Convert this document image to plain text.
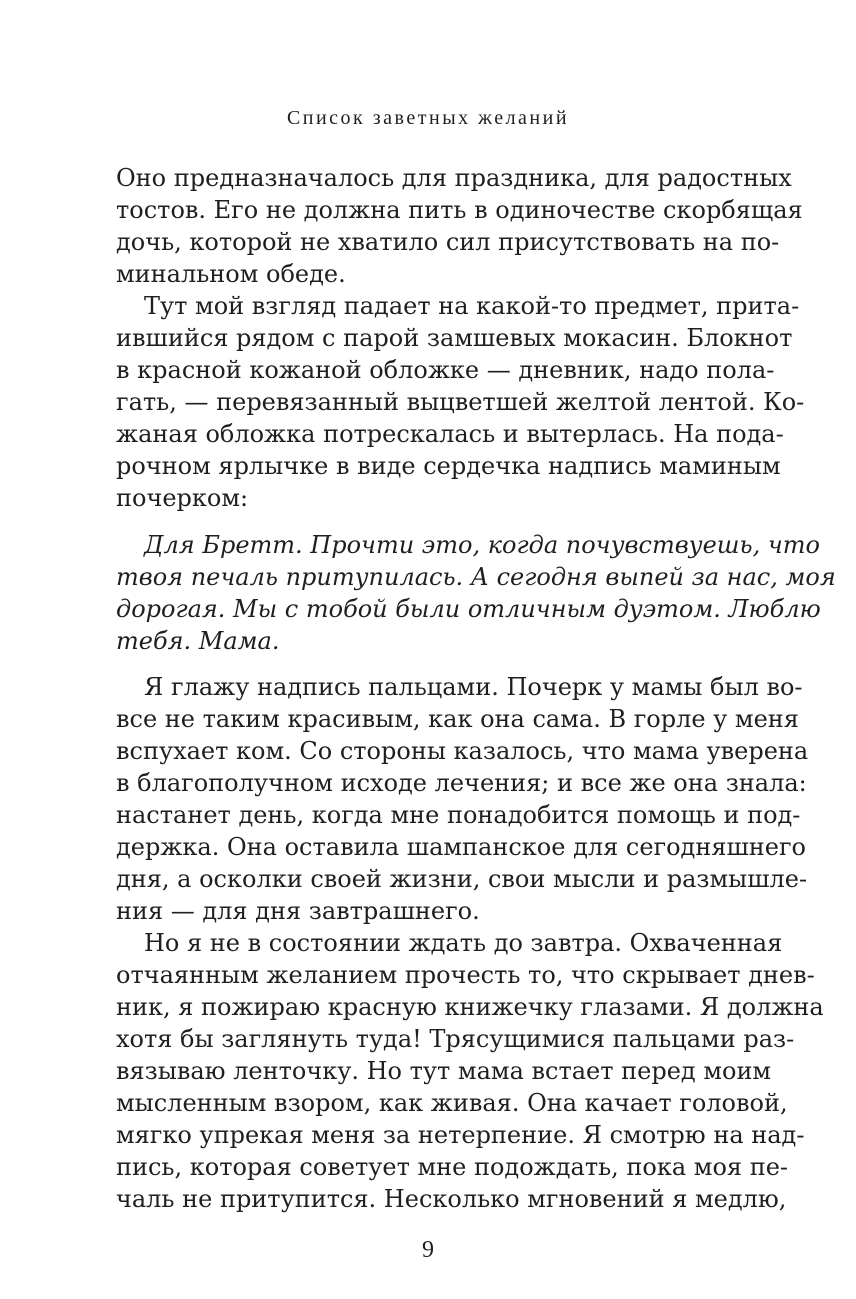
Список заветных желаний
Оно предназначалось для праздника, для радостных
тостов. Его не должна пить в одиночестве скорбящая
дочь, которой не хватило сил присутствовать на по-
минальном обеде.
Тут мой взгляд падает на какой-то предмет, прита-
ившийся рядом с парой замшевых мокасин. Блокнот
в красной кожаной обложке — дневник, надо пола-
гать, — перевязанный выцветшей желтой лентой. Ко-
жаная обложка потрескалась и вытерлась. На подa-
рочном ярлычке в виде сердечка надпись маминым
почерком:
Для Бретт. Прочти это, когда почувствуешь, что
твоя печаль притупилась. А сегодня выпей за нас, моя
дорогая. Мы с тобой были отличным дуэтом. Люблю
тебя. Мама.
Я глажу надпись пальцами. Почерк у мамы был во-
все не таким красивым, как она сама. В горле у меня
вспухает ком. Со стороны казалось, что мама уверена
в благополучном исходе лечения; и все же она знала:
настанет день, когда мне понадобится помощь и под-
держка. Она оставила шампанское для сегодняшнего
дня, а осколки своей жизни, свои мысли и размышле-
ния — для дня завтрашнего.
Но я не в состоянии ждать до завтра. Охваченная
отчаянным желанием прочесть то, что скрывает днев-
ник, я пожираю красную книжечку глазами. Я должна
хотя бы заглянуть туда! Трясущимися пальцами раз-
вязываю ленточку. Но тут мама встает перед моим
мысленным взором, как живая. Она качает головой,
мягко упрекая меня за нетерпение. Я смотрю на над-
пись, которая советует мне подождать, пока моя пе-
чаль не притупится. Несколько мгновений я медлю,
9
